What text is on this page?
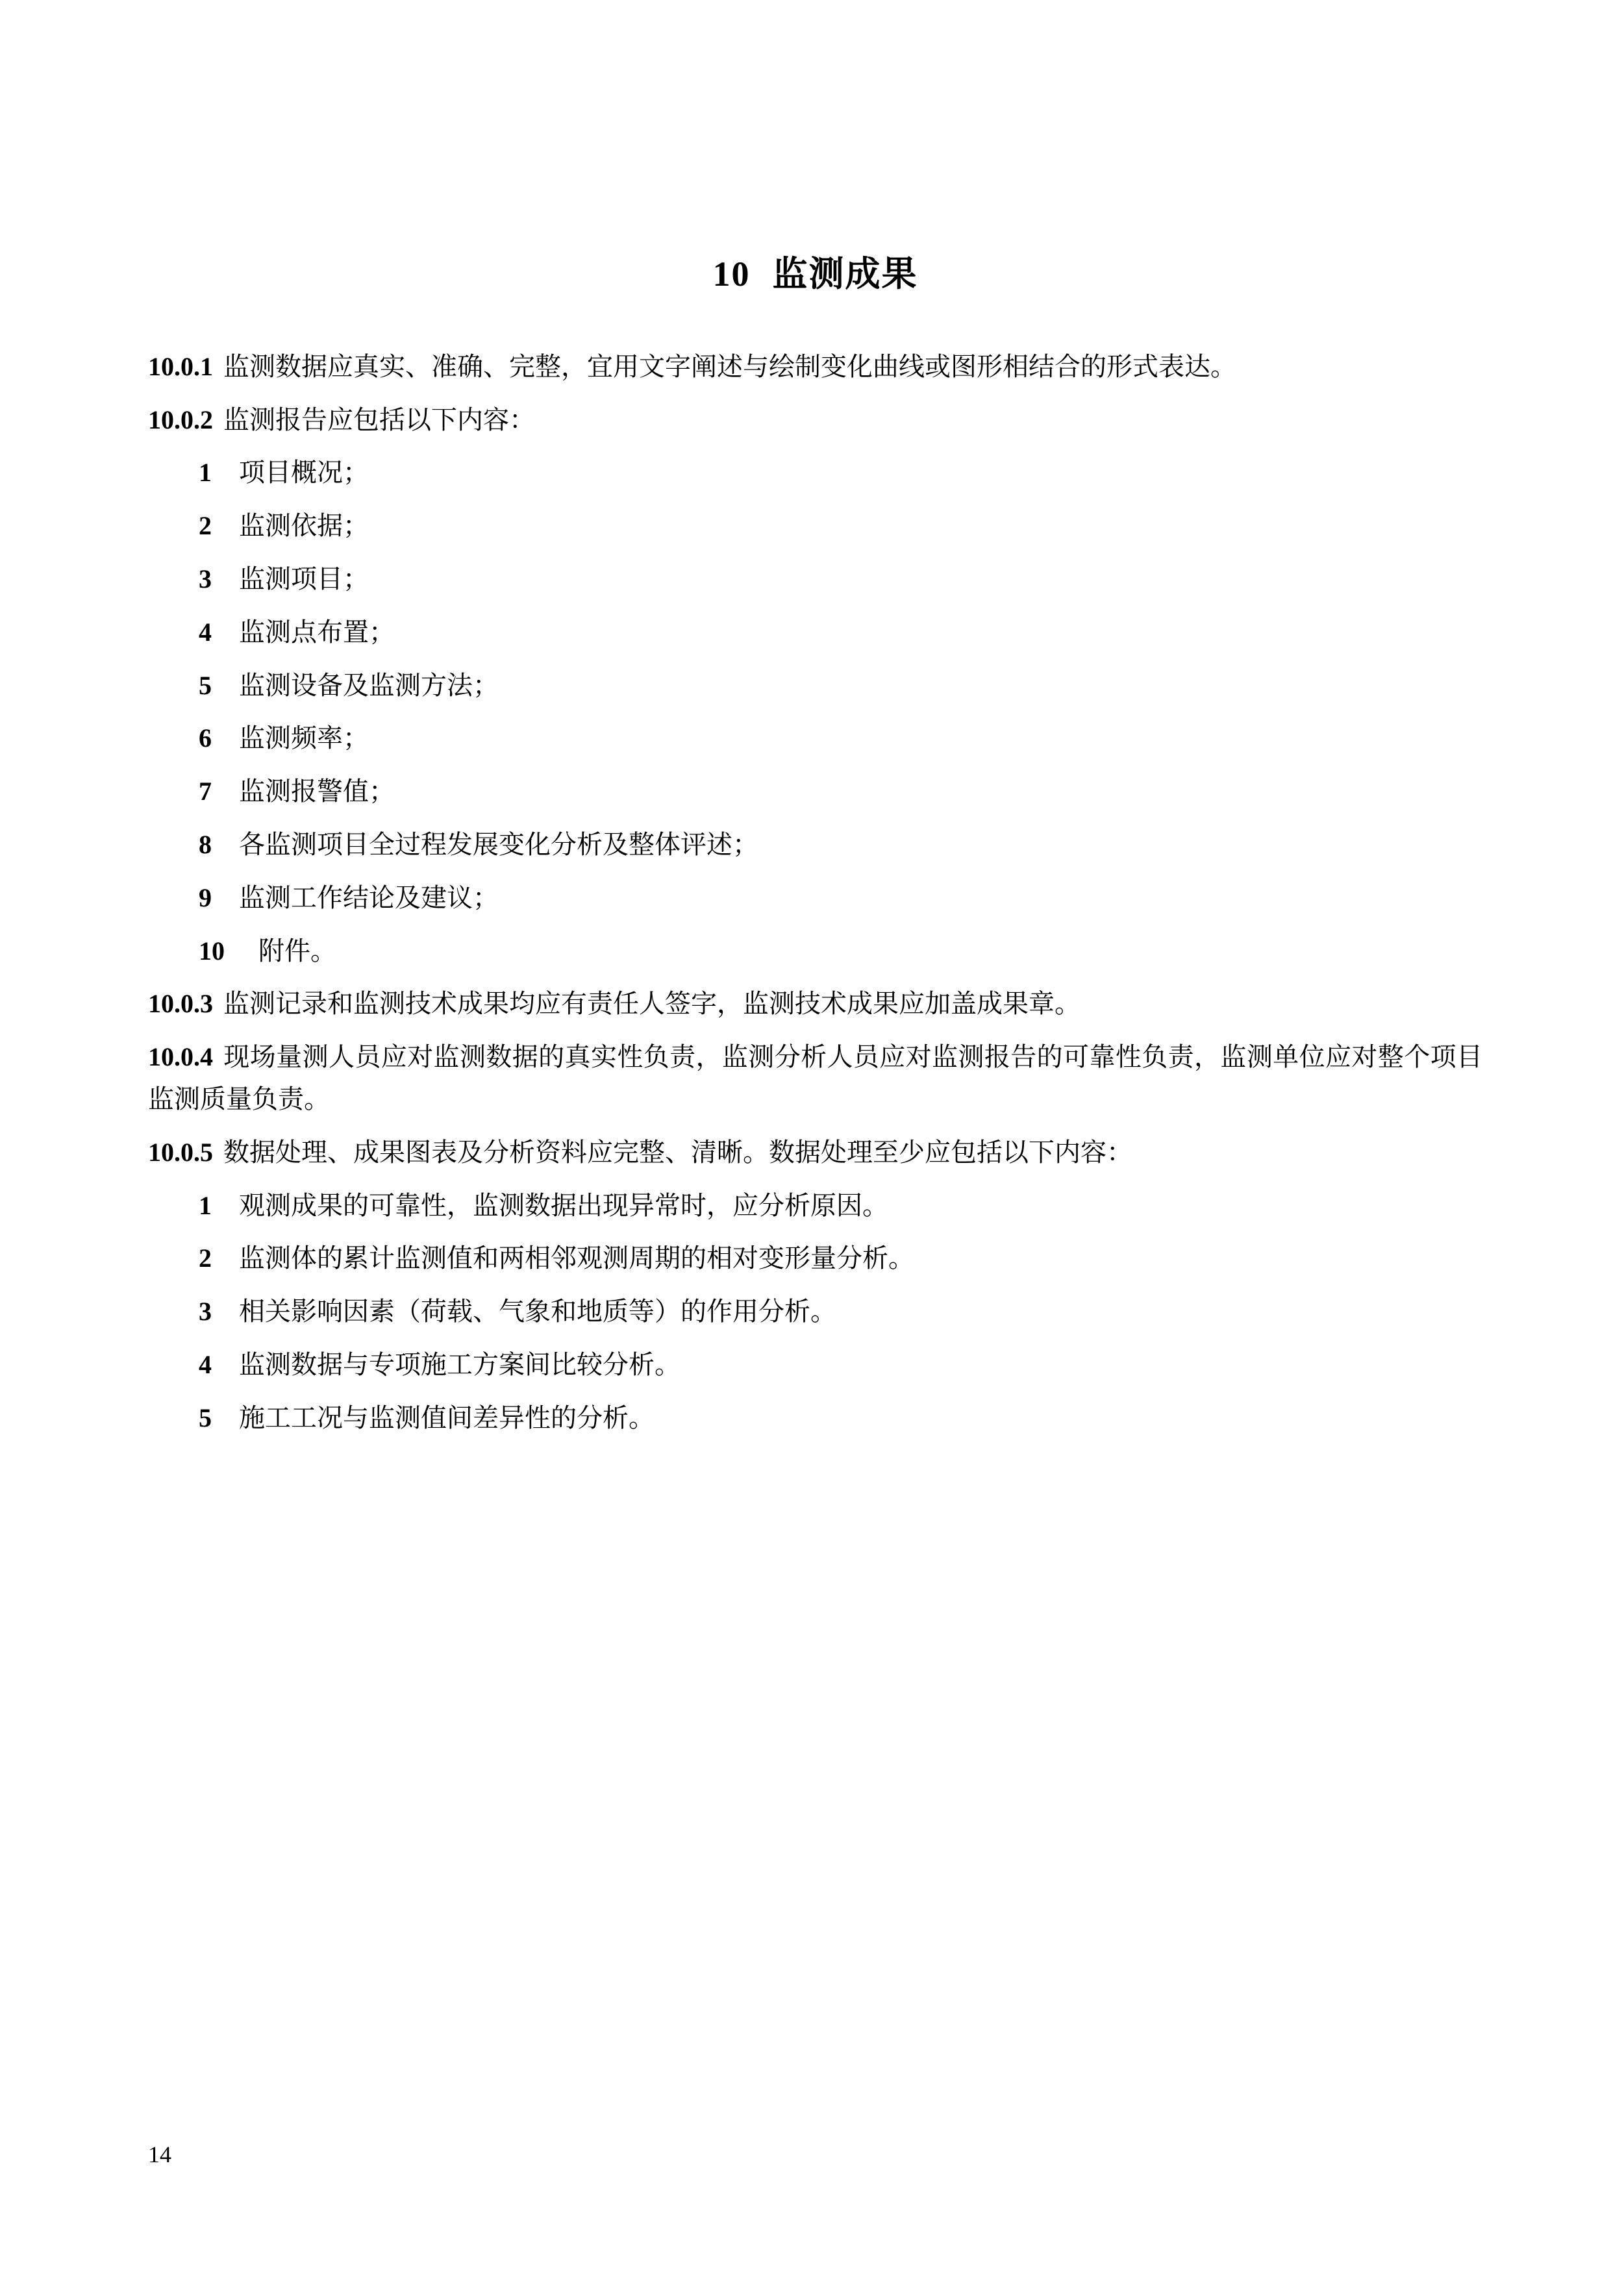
10 监测成果

10.0.1 监测数据应真实、准确、完整，宜用文字阐述与绘制变化曲线或图形相结合的形式表达。

10.0.2 监测报告应包括以下内容：

1	项目概况；
2	监测依据；
3	监测项目；
4	监测点布置；
5	监测设备及监测方法；
6	监测频率；
7	监测报警值；
8	各监测项目全过程发展变化分析及整体评述；
9	监测工作结论及建议；
10	附件。

10.0.3 监测记录和监测技术成果均应有责任人签字，监测技术成果应加盖成果章。

10.0.4 现场量测人员应对监测数据的真实性负责，监测分析人员应对监测报告的可靠性负责，监测单位应对整个项目监测质量负责。

10.0.5 数据处理、成果图表及分析资料应完整、清晰。数据处理至少应包括以下内容：

1	观测成果的可靠性，监测数据出现异常时，应分析原因。
2	监测体的累计监测值和两相邻观测周期的相对变形量分析。
3	相关影响因素（荷载、气象和地质等）的作用分析。
4	监测数据与专项施工方案间比较分析。
5	施工工况与监测值间差异性的分析。
14
